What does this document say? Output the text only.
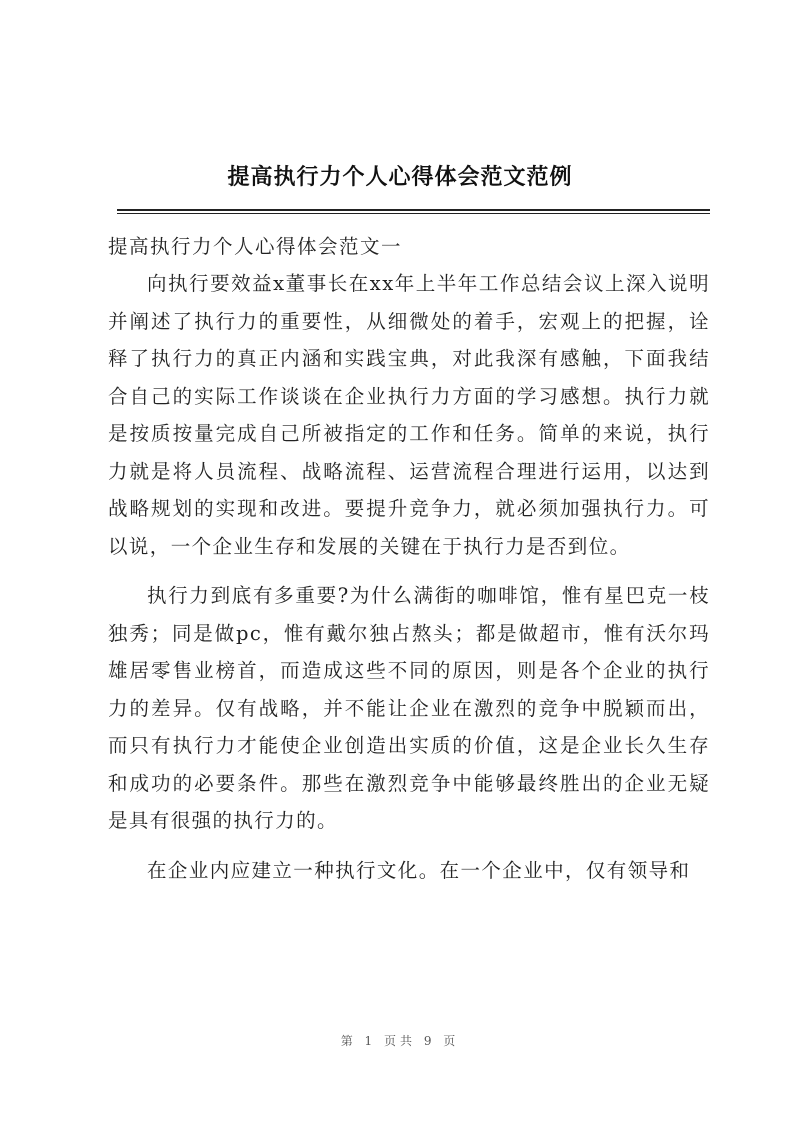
提高执行力个人心得体会范文范例

提高执行力个人心得体会范文一

向执行要效益x董事长在xx年上半年工作总结会议上深入说明并阐述了执行力的重要性，从细微处的着手，宏观上的把握，诠释了执行力的真正内涵和实践宝典，对此我深有感触，下面我结合自己的实际工作谈谈在企业执行力方面的学习感想。执行力就是按质按量完成自己所被指定的工作和任务。简单的来说，执行力就是将人员流程、战略流程、运营流程合理进行运用，以达到战略规划的实现和改进。要提升竞争力，就必须加强执行力。可以说，一个企业生存和发展的关键在于执行力是否到位。

执行力到底有多重要?为什么满街的咖啡馆，惟有星巴克一枝独秀；同是做pc，惟有戴尔独占熬头；都是做超市，惟有沃尔玛雄居零售业榜首，而造成这些不同的原因，则是各个企业的执行力的差异。仅有战略，并不能让企业在激烈的竞争中脱颖而出，而只有执行力才能使企业创造出实质的价值，这是企业长久生存和成功的必要条件。那些在激烈竞争中能够最终胜出的企业无疑是具有很强的执行力的。

在企业内应建立一种执行文化。在一个企业中，仅有领导和

第 1 页共 9 页
